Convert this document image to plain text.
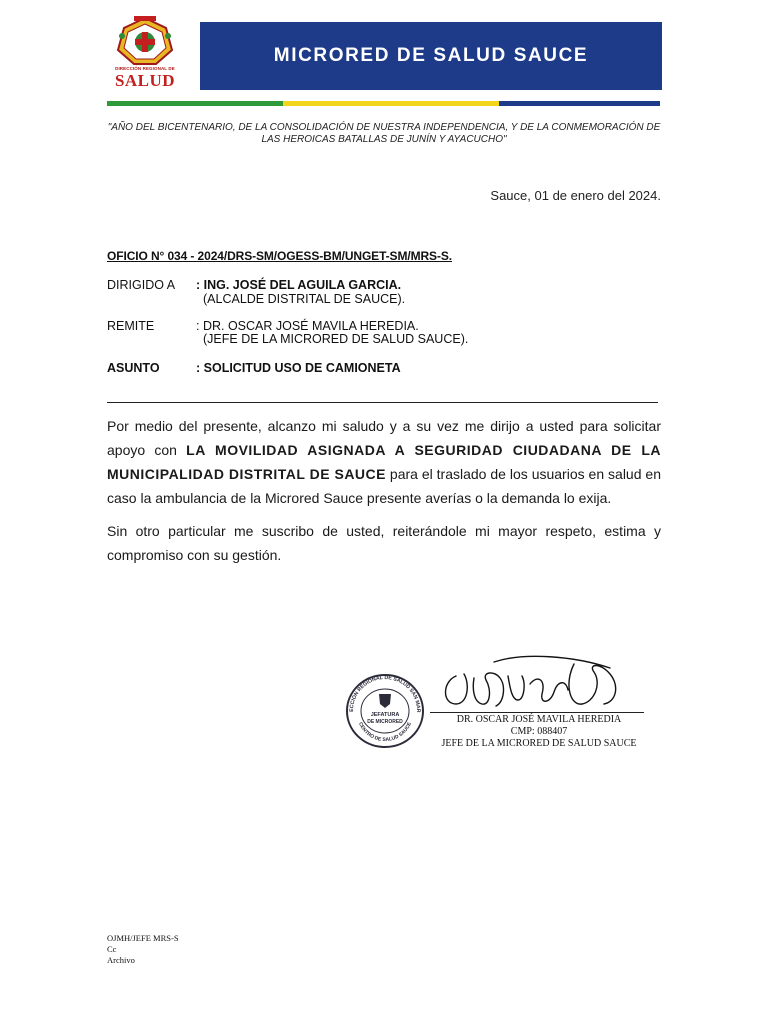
DIRECCIÓN REGIONAL DE
SALUD
MICRORED DE SALUD SAUCE
"AÑO DEL BICENTENARIO, DE LA CONSOLIDACIÓN DE NUESTRA INDEPENDENCIA, Y DE LA CONMEMORACIÓN DE LAS HEROICAS BATALLAS DE JUNÍN Y AYACUCHO"
Sauce, 01 de enero del 2024.
OFICIO N° 034 - 2024/DRS-SM/OGESS-BM/UNGET-SM/MRS-S.
DIRIGIDO A : ING. JOSÉ DEL AGUILA GARCIA.
(ALCALDE DISTRITAL DE SAUCE).
REMITE	: DR. OSCAR JOSÉ MAVILA HEREDIA.
(JEFE DE LA MICRORED DE SALUD SAUCE).
ASUNTO	: SOLICITUD USO DE CAMIONETA
Por medio del presente, alcanzo mi saludo y a su vez me dirijo a usted para solicitar apoyo con LA MOVILIDAD ASIGNADA A SEGURIDAD CIUDADANA DE LA MUNICIPALIDAD DISTRITAL DE SAUCE para el traslado de los usuarios en salud en caso la ambulancia de la Microred Sauce presente averías o la demanda lo exija.
Sin otro particular me suscribo de usted, reiterándole mi mayor respeto, estima y compromiso con su gestión.
ECCIÓN REGIONAL DE SALUD SAN MAR
CENTRO DE SALUD SAUCE
JEFATURA
DE MICRORED	DR. OSCAR JOSÉ MAVILA HEREDIA
CMP: 088407
JEFE DE LA MICRORED DE SALUD SAUCE
OJMH/JEFE MRS-S
Cc
Archivo
